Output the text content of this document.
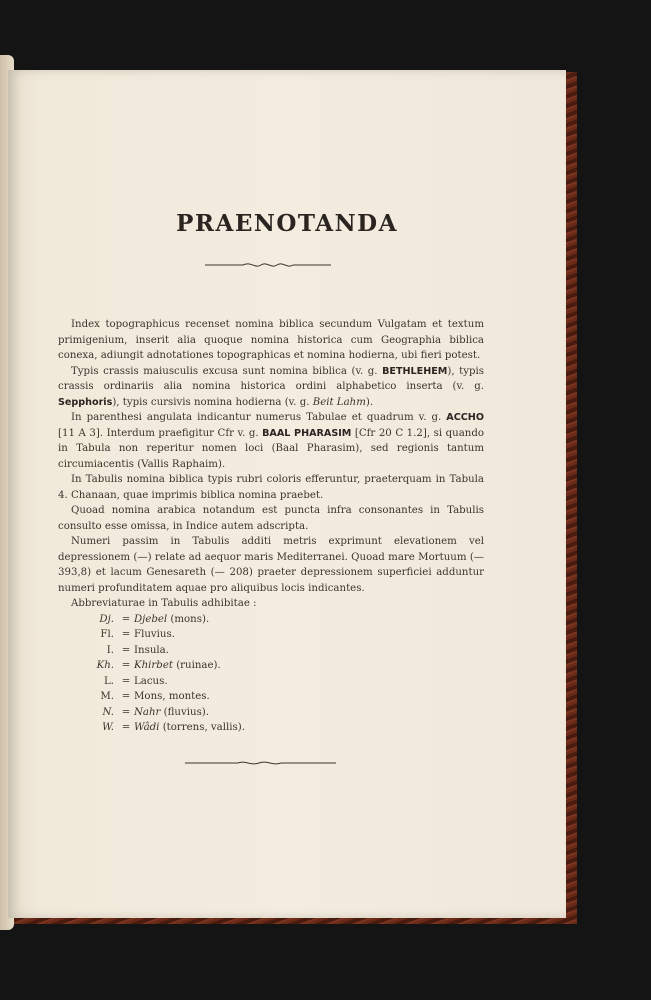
PRAENOTANDA

Index topographicus recenset nomina biblica secundum Vulgatam et textum primigenium, inserit alia quoque nomina historica cum Geographia biblica conexa, adiungit adnotationes topographicas et nomina hodierna, ubi fieri potest.

Typis crassis maiusculis excusa sunt nomina biblica (v. g. BETHLEHEM), typis crassis ordinariis alia nomina historica ordini alphabetico inserta (v. g. Sepphoris), typis cursivis nomina hodierna (v. g. Beit Lahm).

In parenthesi angulata indicantur numerus Tabulae et quadrum v. g. ACCHO [11 A 3]. Interdum praefigitur Cfr v. g. BAAL PHARASIM [Cfr 20 C 1.2], si quando in Tabula non reperitur nomen loci (Baal Pharasim), sed regionis tantum circumiacentis (Vallis Raphaim).

In Tabulis nomina biblica typis rubri coloris efferuntur, praeterquam in Tabula 4. Chanaan, quae imprimis biblica nomina praebet.

Quoad nomina arabica notandum est puncta infra consonantes in Tabulis consulto esse omissa, in Indice autem adscripta.

Numeri passim in Tabulis additi metris exprimunt elevationem vel depressionem (—) relate ad aequor maris Mediterranei. Quoad mare Mortuum (— 393,8) et lacum Genesareth (— 208) praeter depressionem superficiei adduntur numeri profunditatem aquae pro aliquibus locis indicantes.

Abbreviaturae in Tabulis adhibitae :

Dj. = Djebel (mons).
Fl. = Fluvius.
I. = Insula.
Kh. = Khirbet (ruinae).
L. = Lacus.
M. = Mons, montes.
N. = Nahr (fluvius).
W. = Wâdi (torrens, vallis).
